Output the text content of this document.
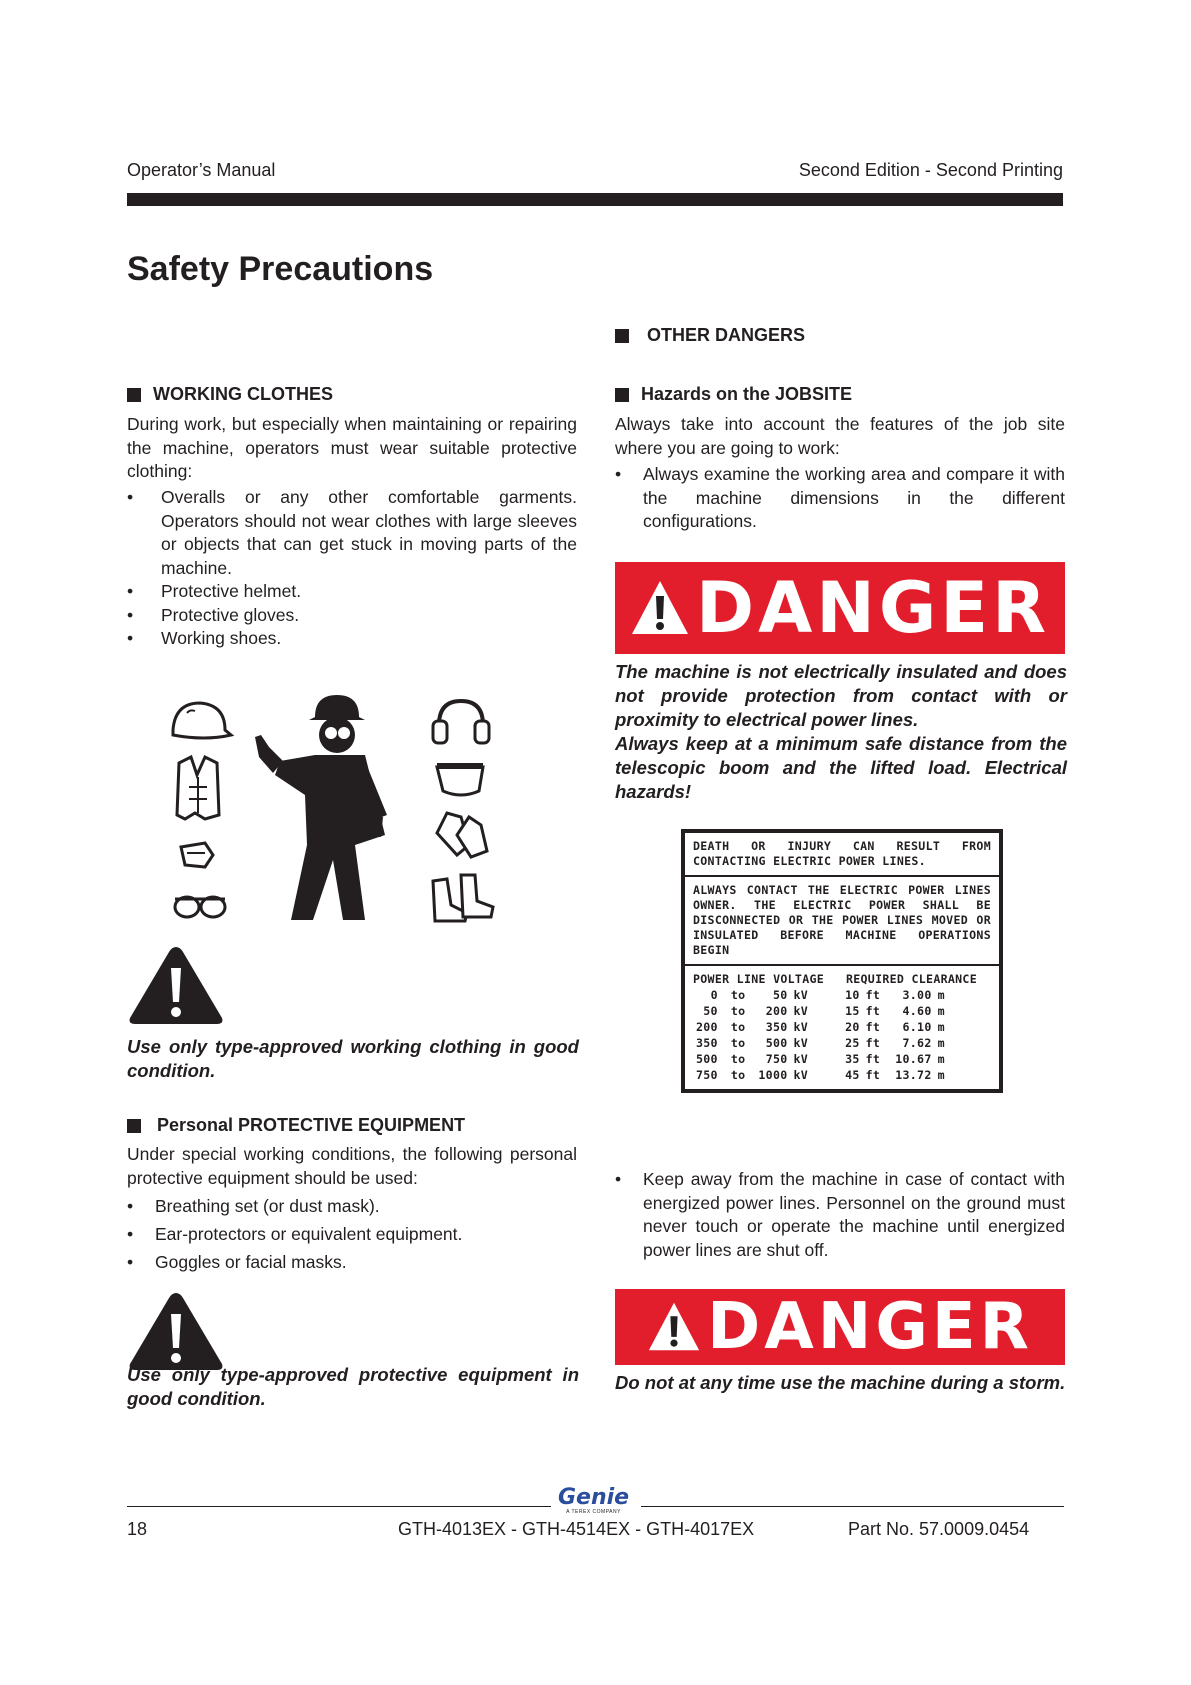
Operator’s Manual	Second Edition - Second Printing
Safety Precautions
WORKING CLOTHES
During work, but especially when maintaining or repairing the machine, operators must wear suitable protective clothing:
• Overalls or any other comfortable garments. Operators should not wear clothes with large sleeves or objects that can get stuck in moving parts of the machine.
• Protective helmet.
• Protective gloves.
• Working shoes.
Use only type-approved working clothing in good condition.
Personal PROTECTIVE EQUIPMENT
Under special working conditions, the following personal protective equipment should be used:
• Breathing set (or dust mask).
• Ear-protectors or equivalent equipment.
• Goggles or facial masks.
Use only type-approved protective equipment in good condition.
OTHER DANGERS
Hazards on the JOBSITE
Always take into account the features of the job site where you are going to work:
• Always examine the working area and compare it with the machine dimensions in the different configurations.
DANGER
The machine is not electrically insulated and does not provide protection from contact with or proximity to electrical power lines.
Always keep at a minimum safe distance from the telescopic boom and the lifted load. Electrical hazards!
DEATH OR INJURY CAN RESULT FROM CONTACTING ELECTRIC POWER LINES.
ALWAYS CONTACT THE ELECTRIC POWER LINES OWNER. THE ELECTRIC POWER SHALL BE DISCONNECTED OR THE POWER LINES MOVED OR INSULATED BEFORE MACHINE OPERATIONS BEGIN
POWER LINE VOLTAGE REQUIRED CLEARANCE
0	to	50	kV	10	ft	3.00	m
50	to	200	kV	15	ft	4.60	m
200	to	350	kV	20	ft	6.10	m
350	to	500	kV	25	ft	7.62	m
500	to	750	kV	35	ft	10.67	m
750	to	1000	kV	45	ft	13.72	m
• Keep away from the machine in case of contact with energized power lines. Personnel on the ground must never touch or operate the machine until energized power lines are shut off.
DANGER
Do not at any time use the machine during a storm.
Genie
A TEREX COMPANY
18	GTH-4013EX - GTH-4514EX - GTH-4017EX	Part No. 57.0009.0454
